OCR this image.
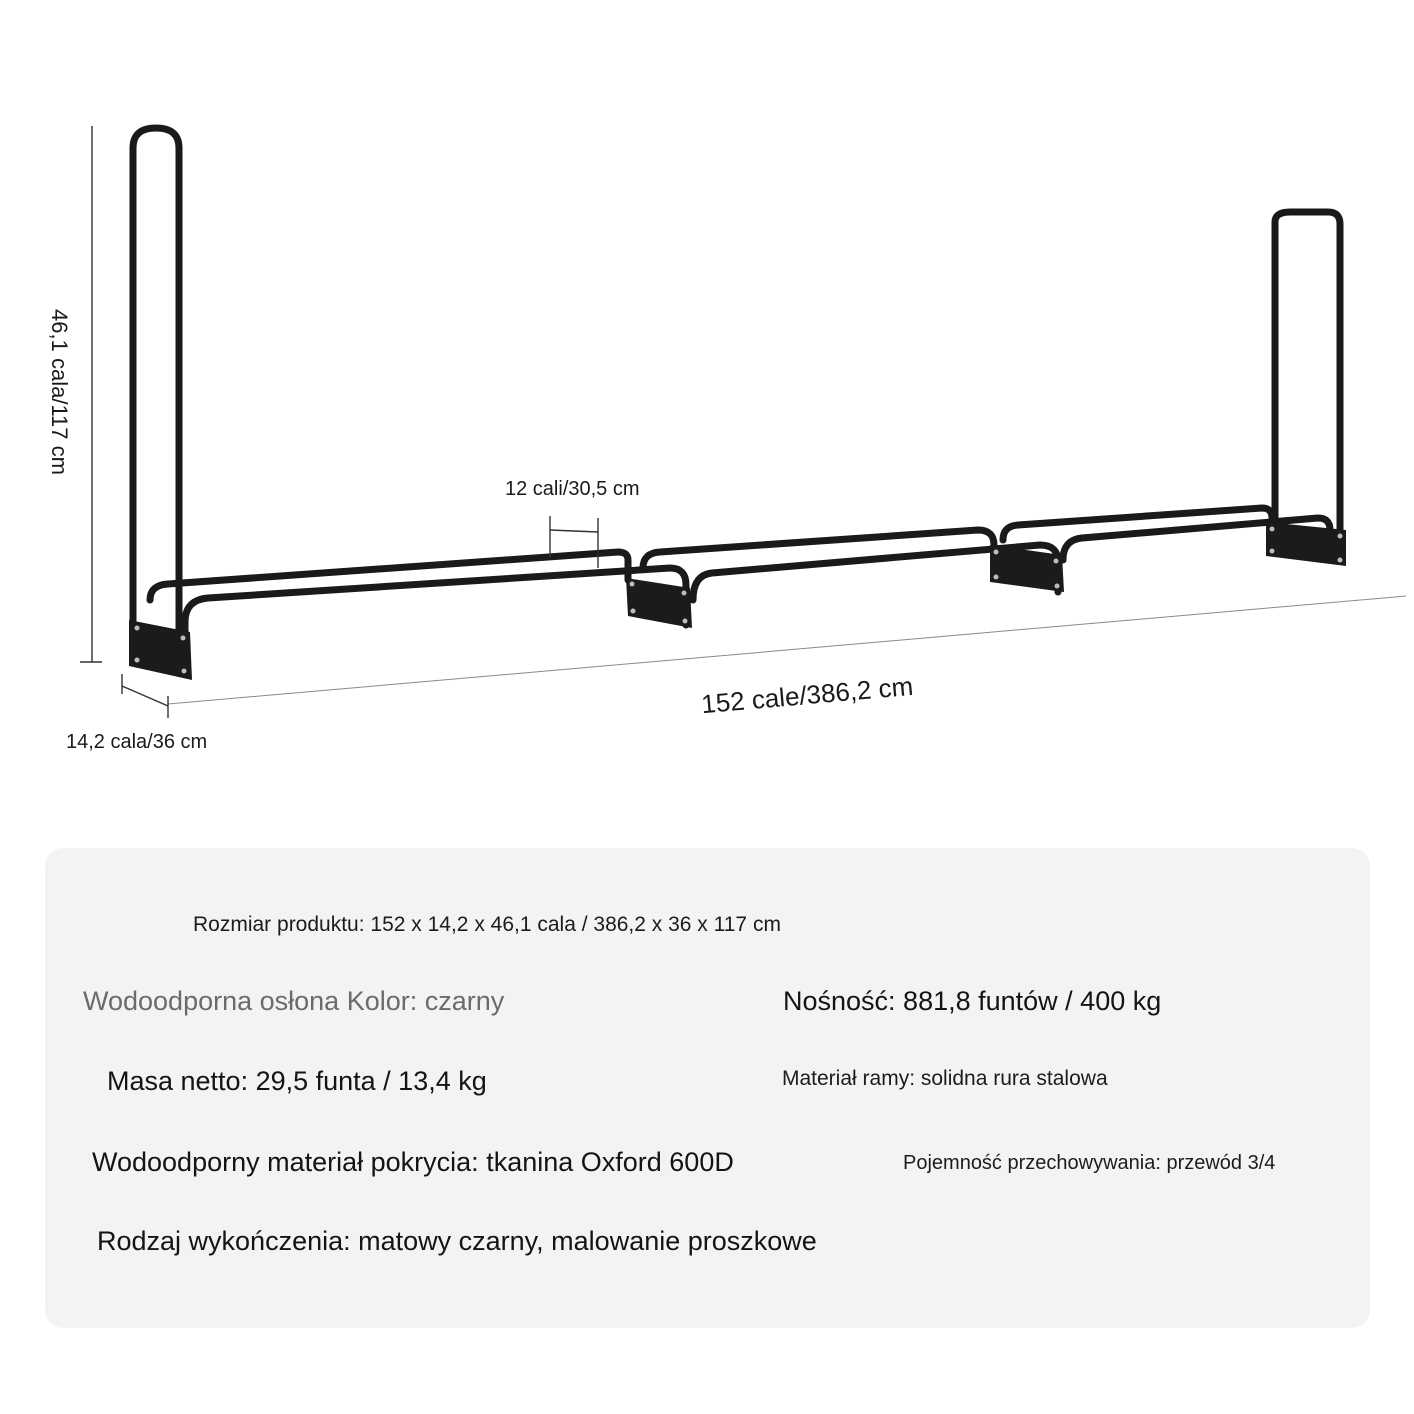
46,1 cala/117 cm
12 cali/30,5 cm
152 cale/386,2 cm
14,2 cala/36 cm
Rozmiar produktu: 152 x 14,2 x 46,1 cala / 386,2 x 36 x 117 cm
Wodoodporna osłona Kolor: czarny	Nośność: 881,8 funtów / 400 kg
Masa netto: 29,5 funta / 13,4 kg	Materiał ramy: solidna rura stalowa
Wodoodporny materiał pokrycia: tkanina Oxford 600D	Pojemność przechowywania: przewód 3/4
Rodzaj wykończenia: matowy czarny, malowanie proszkowe
